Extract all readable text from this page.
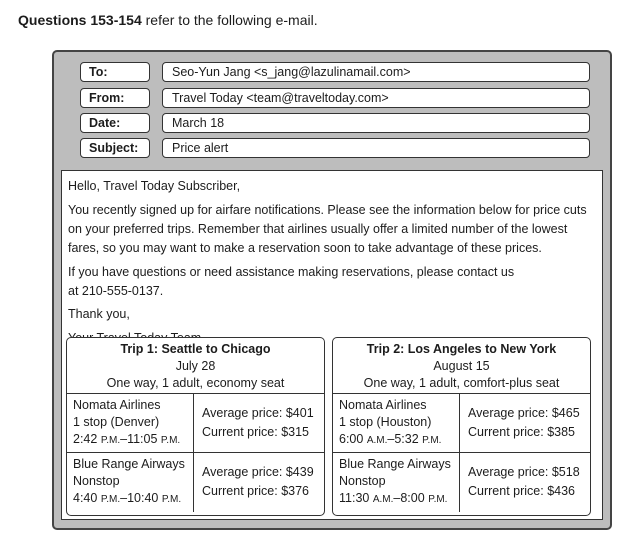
Questions 153-154 refer to the following e-mail.
To:	Seo-Yun Jang <s_jang@lazulinamail.com>
From:	Travel Today <team@traveltoday.com>
Date:	March 18
Subject:	Price alert

Hello, Travel Today Subscriber,

You recently signed up for airfare notifications. Please see the information below for price cuts on your preferred trips. Remember that airlines usually offer a limited number of the lowest fares, so you may want to make a reservation soon to take advantage of these prices.

If you have questions or need assistance making reservations, please contact us
at 210-555-0137.

Thank you,

Trip 1: Seattle to Chicago
July 28
One way, 1 adult, economy seat
Nomata Airlines
1 stop (Denver)
2:42 P.M.–11:05 P.M.
Average price: $401
Current price: $315
Blue Range Airways
Nonstop
4:40 P.M.–10:40 P.M.
Average price: $439
Current price: $376
Trip 2: Los Angeles to New York
August 15
One way, 1 adult, comfort-plus seat
Nomata Airlines
1 stop (Houston)
6:00 A.M.–5:32 P.M.
Average price: $465
Current price: $385
Blue Range Airways
Nonstop
11:30 A.M.–8:00 P.M.
Average price: $518
Current price: $436
